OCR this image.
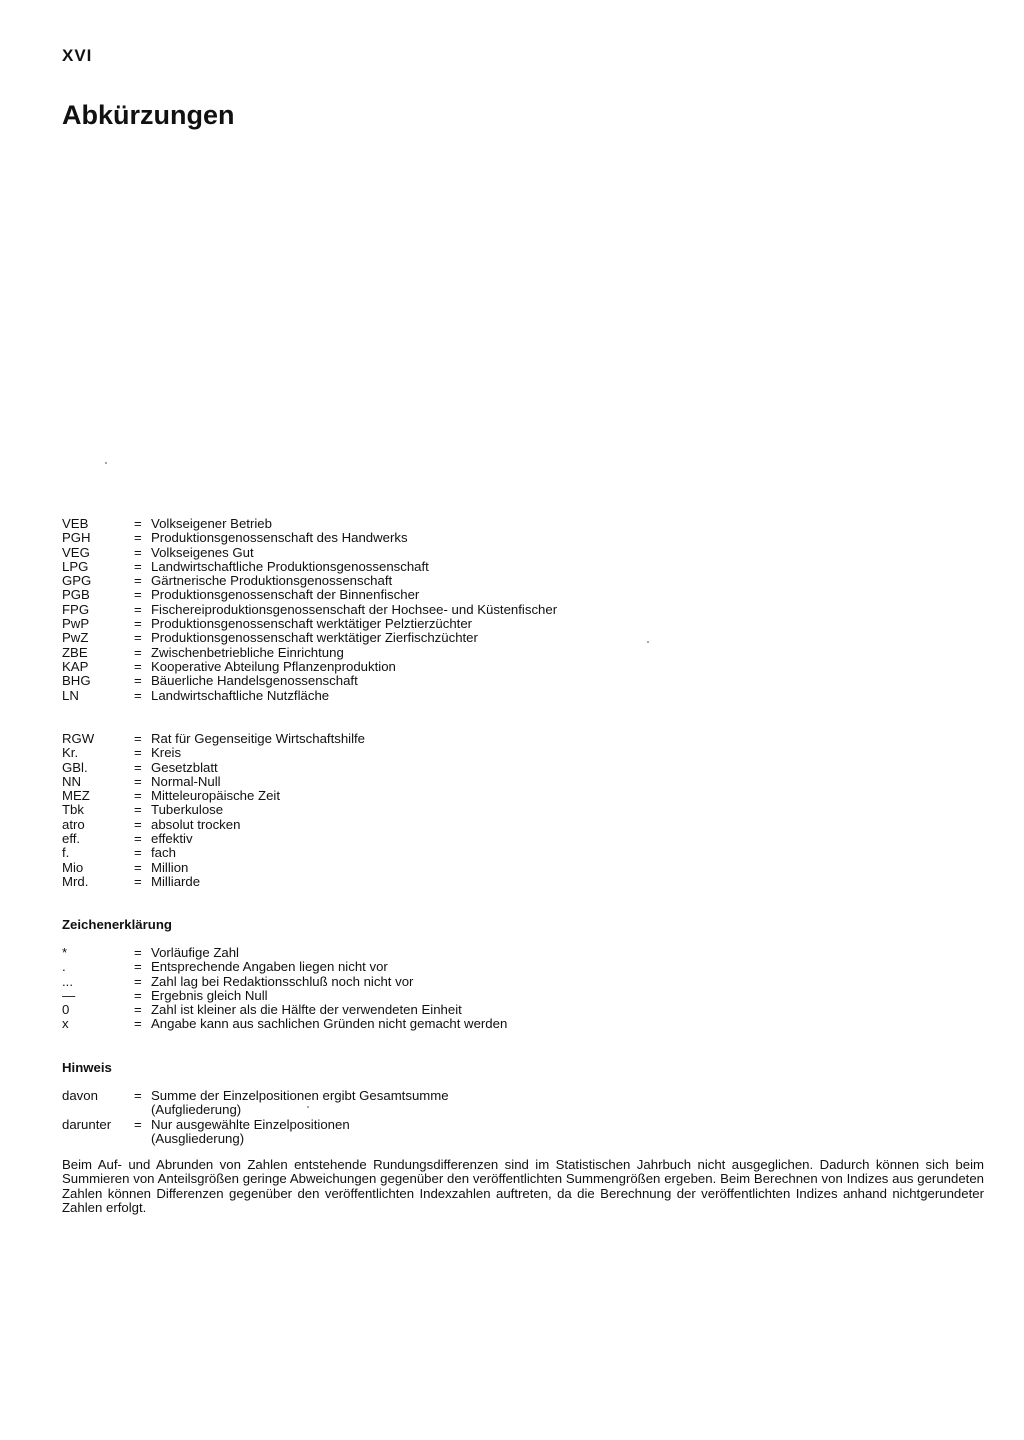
XVI
Abkürzungen
VEB	= Volkseigener Betrieb
PGH	= Produktionsgenossenschaft des Handwerks
VEG	= Volkseigenes Gut
LPG	= Landwirtschaftliche Produktionsgenossenschaft
GPG	= Gärtnerische Produktionsgenossenschaft
PGB	= Produktionsgenossenschaft der Binnenfischer
FPG	= Fischereiproduktionsgenossenschaft der Hochsee- und Küstenfischer
PwP	= Produktionsgenossenschaft werktätiger Pelztierzüchter
PwZ	= Produktionsgenossenschaft werktätiger Zierfischzüchter
ZBE	= Zwischenbetriebliche Einrichtung
KAP	= Kooperative Abteilung Pflanzenproduktion
BHG	= Bäuerliche Handelsgenossenschaft
LN	= Landwirtschaftliche Nutzfläche
RGW	= Rat für Gegenseitige Wirtschaftshilfe
Kr.	= Kreis
GBl.	= Gesetzblatt
NN	= Normal-Null
MEZ	= Mitteleuropäische Zeit
Tbk	= Tuberkulose
atro	= absolut trocken
eff.	= effektiv
f.	= fach
Mio	= Million
Mrd.	= Milliarde
Zeichenerklärung
*	= Vorläufige Zahl
.	= Entsprechende Angaben liegen nicht vor
...	= Zahl lag bei Redaktionsschluß noch nicht vor
—	= Ergebnis gleich Null
0	= Zahl ist kleiner als die Hälfte der verwendeten Einheit
x	= Angabe kann aus sachlichen Gründen nicht gemacht werden
Hinweis
davon	= Summe der Einzelpositionen ergibt Gesamtsumme
(Aufgliederung)
darunter	= Nur ausgewählte Einzelpositionen
(Ausgliederung)

Beim Auf- und Abrunden von Zahlen entstehende Rundungsdifferenzen sind im Statistischen Jahrbuch nicht ausgeglichen. Dadurch können sich beim Summieren von Anteilsgrößen geringe Abweichungen gegenüber den veröffentlichten Summengrößen ergeben. Beim Berechnen von Indizes aus gerundeten Zahlen können Differenzen gegenüber den veröffentlichten Indexzahlen auftreten, da die Berechnung der veröffentlichten Indizes anhand nichtgerundeter Zahlen erfolgt.
